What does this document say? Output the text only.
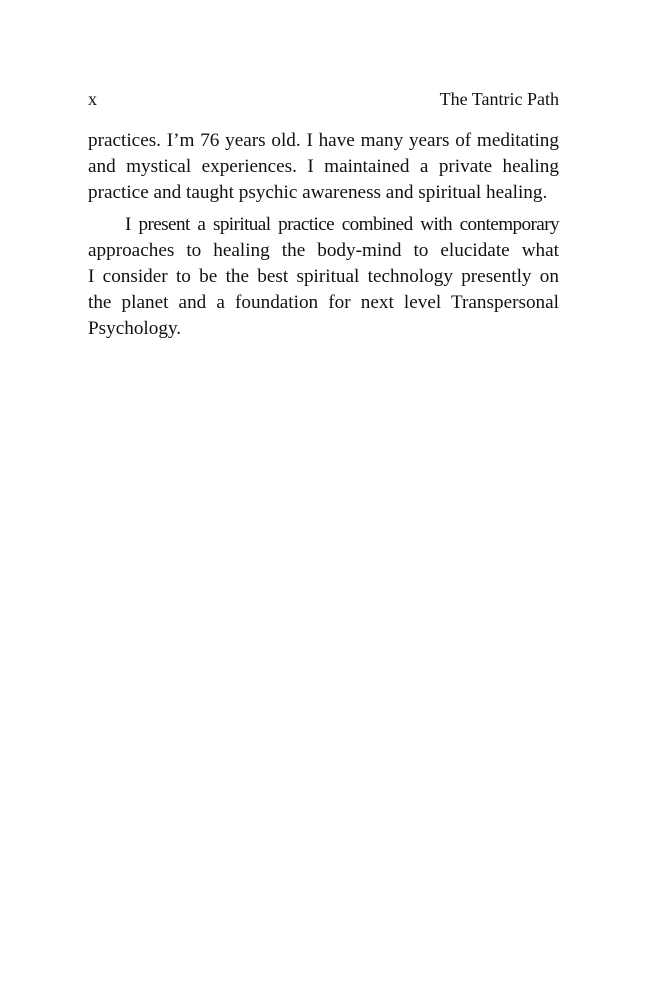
x	The Tantric Path
practices. I’m 76 years old. I have many years of meditating
and mystical experiences. I maintained a private healing
practice and taught psychic awareness and spiritual healing.
I present a spiritual practice combined with contemporary
approaches to healing the body-mind to elucidate what
I consider to be the best spiritual technology presently on
the planet and a foundation for next level Transpersonal
Psychology.
